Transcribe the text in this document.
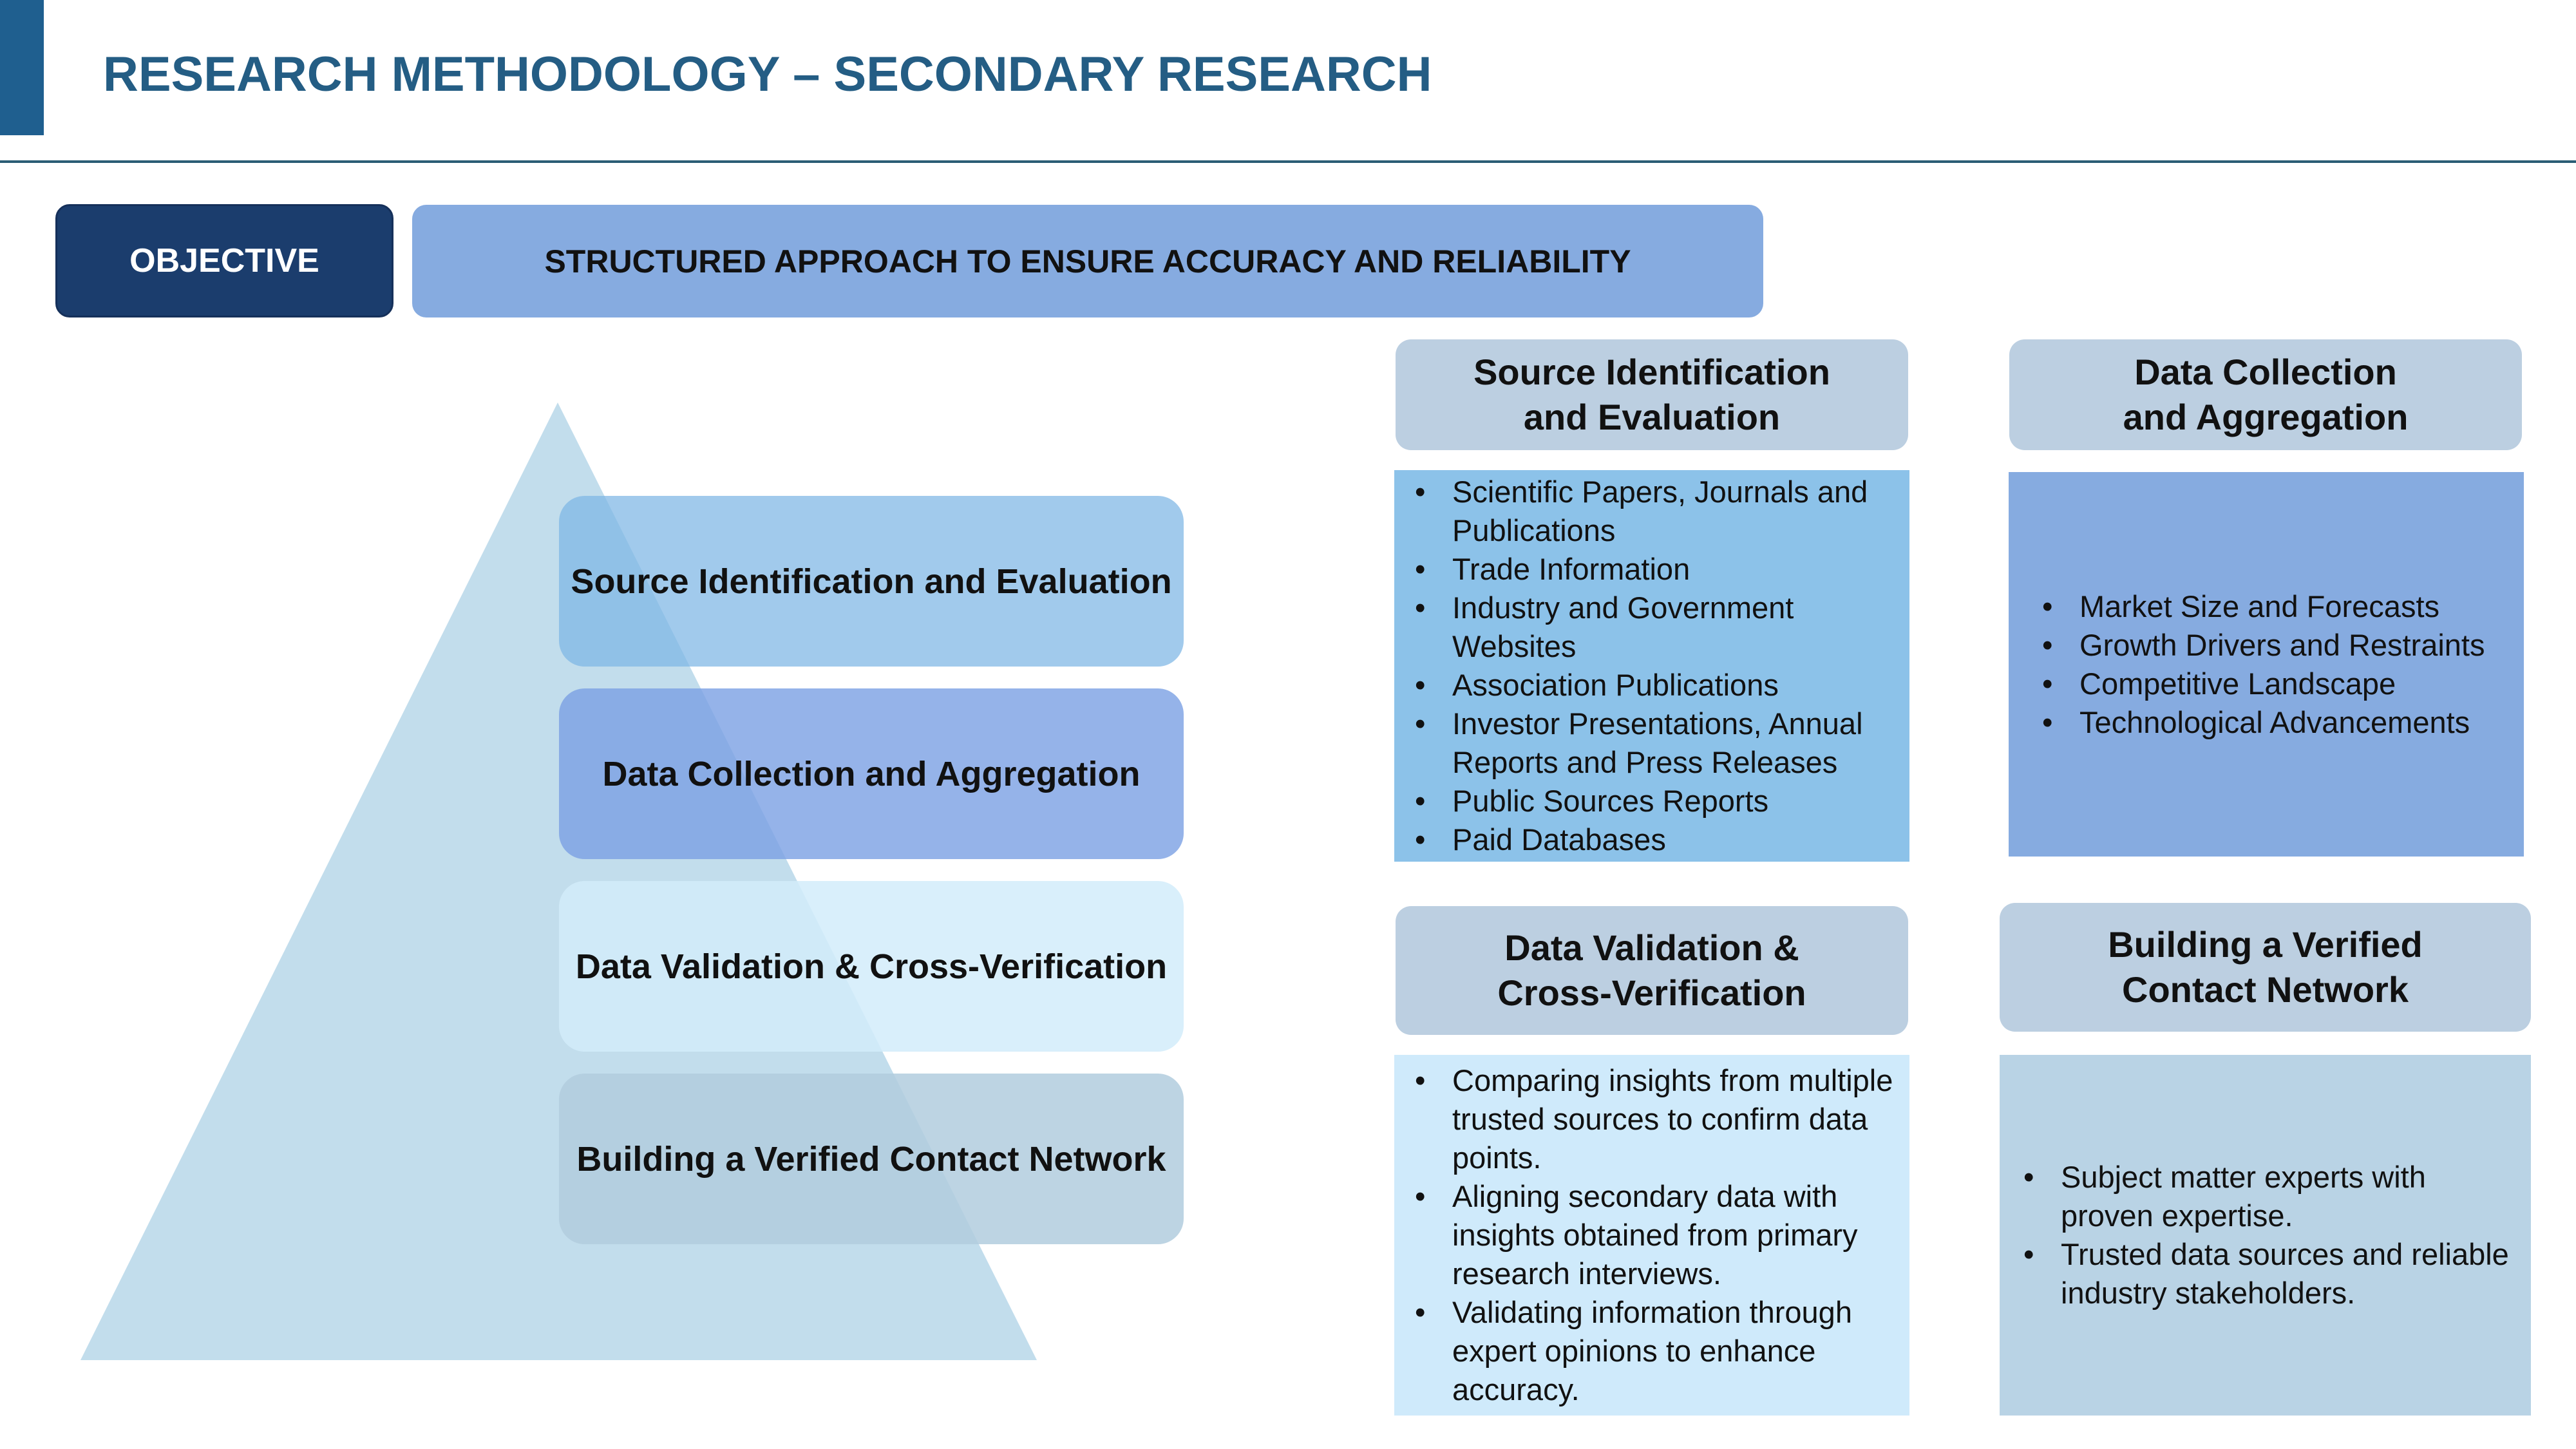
RESEARCH METHODOLOGY – SECONDARY RESEARCH
OBJECTIVE	STRUCTURED APPROACH TO ENSURE ACCURACY AND RELIABILITY
Source Identification and Evaluation
Data Collection and Aggregation
Data Validation & Cross-Verification
Building a Verified Contact Network
Source Identification
and Evaluation
• Scientific Papers, Journals and Publications
• Trade Information
• Industry and Government Websites
• Association Publications
• Investor Presentations, Annual Reports and Press Releases
• Public Sources Reports
• Paid Databases
Data Collection
and Aggregation
• Market Size and Forecasts
• Growth Drivers and Restraints
• Competitive Landscape
• Technological Advancements
Data Validation &
Cross-Verification
• Comparing insights from multiple trusted sources to confirm data points.
• Aligning secondary data with insights obtained from primary research interviews.
• Validating information through expert opinions to enhance accuracy.
Building a Verified
Contact Network
• Subject matter experts with proven expertise.
• Trusted data sources and reliable industry stakeholders.
